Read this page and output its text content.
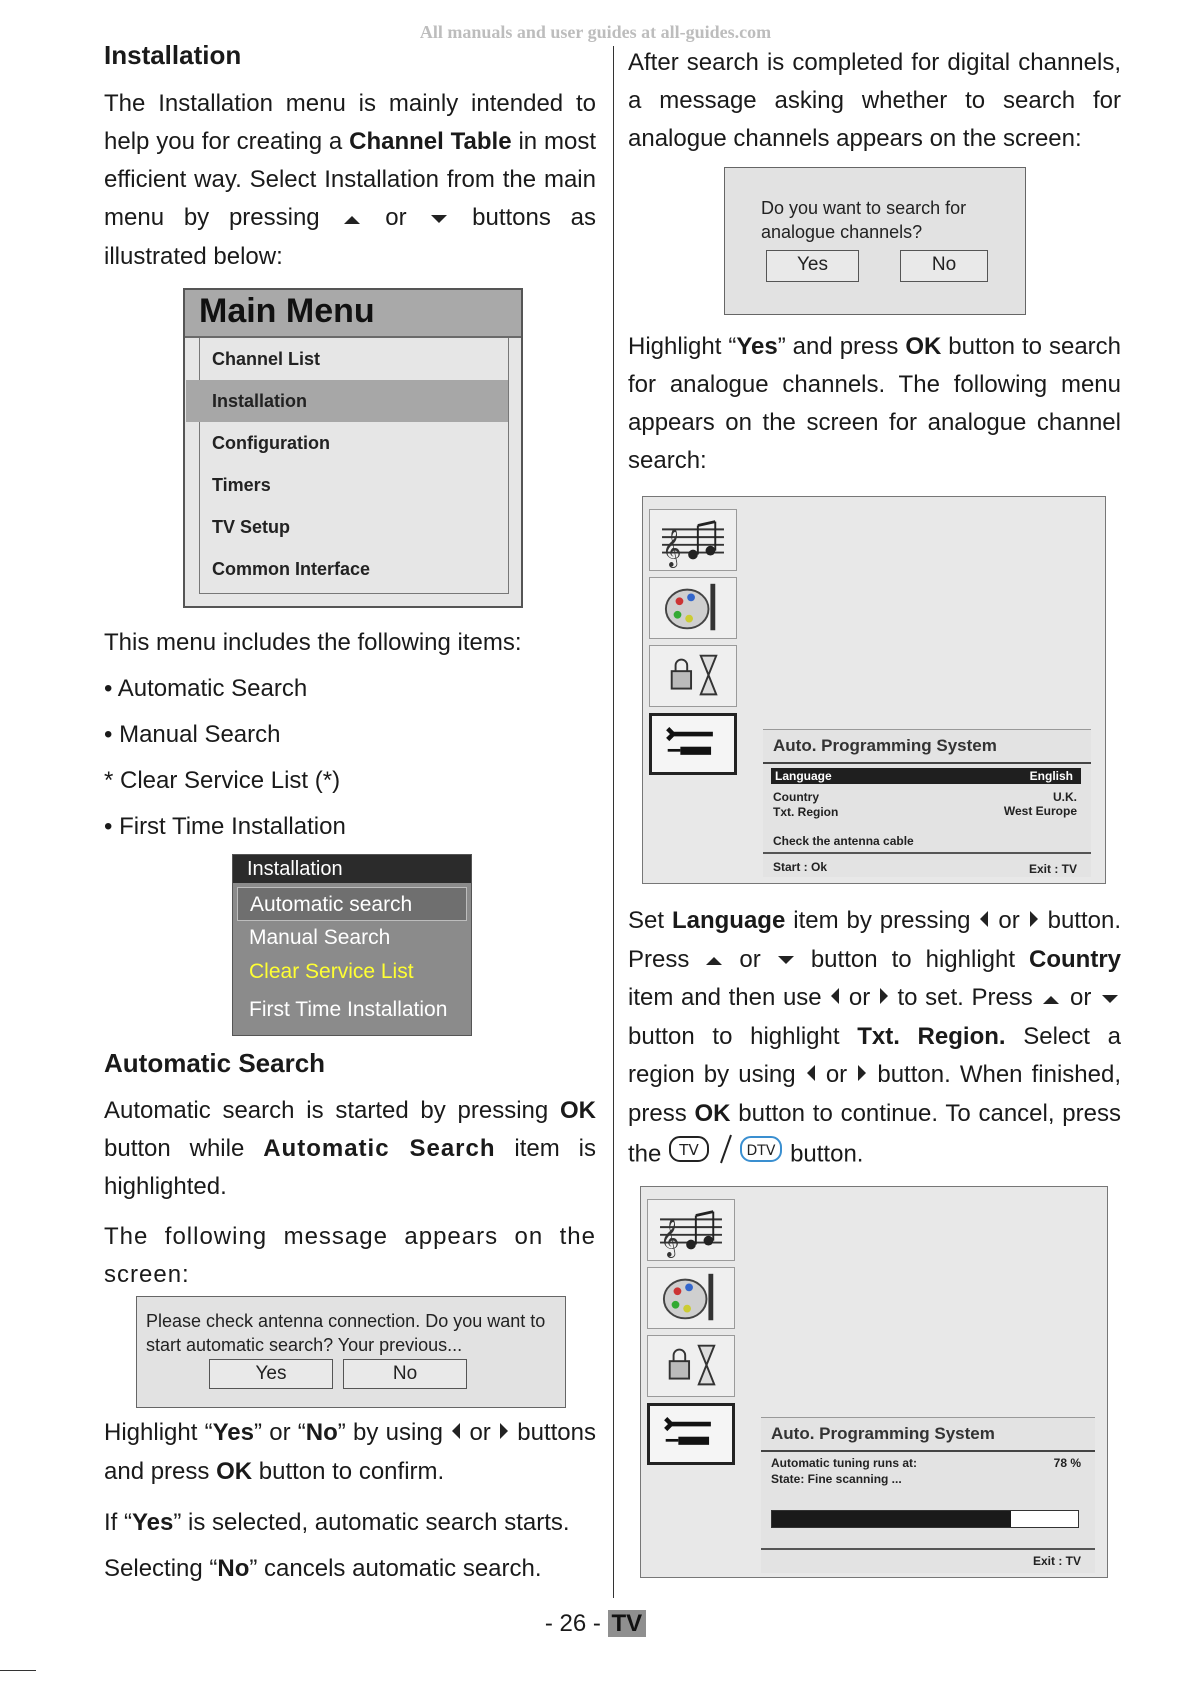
All manuals and user guides at all-guides.com
Installation
The Installation menu is mainly intended to help you for creating a Channel Table in most efficient way. Select Installation from the main menu by pressing	or	buttons as illustrated below:
Main Menu
Channel List
Installation
Configuration
Timers
TV Setup
Common Interface
This menu includes the following items:
• Automatic Search
• Manual Search
* Clear Service List (*)
• First Time Installation
Installation
Automatic search
Manual Search
Clear Service List
First Time Installation
Automatic Search
Automatic search is started by pressing OK button while Automatic Search item is highlighted.
The following message appears on the screen:
Please check antenna connection. Do you want to start automatic search? Your previous...
Yes	No
Highlight “Yes” or “No” by using or buttons and press OK button to confirm.
If “Yes” is selected, automatic search starts.
Selecting “No” cancels automatic search.
After search is completed for digital channels, a message asking whether to search for analogue channels appears on the screen:
Do you want to search for analogue channels?
Yes	No
Highlight “Yes” and press OK button to search for analogue channels. The following menu appears on the screen for analogue channel search:
𝄞
Auto. Programming System
Language	English
Country	U.K.
Txt. Region	West Europe
Check the antenna cable
Start : Ok	Exit : TV
Set Language item by pressing or button. Press or button to highlight Country item and then use or to set. Press or  button to highlight Txt. Region. Select a region by using or button. When finished, press OK button to continue. To cancel, press the TV
	DTV button.
𝄞
Auto. Programming System
Automatic tuning runs at:	78 %
State: Fine scanning ...
Exit : TV
- 26 - TV
